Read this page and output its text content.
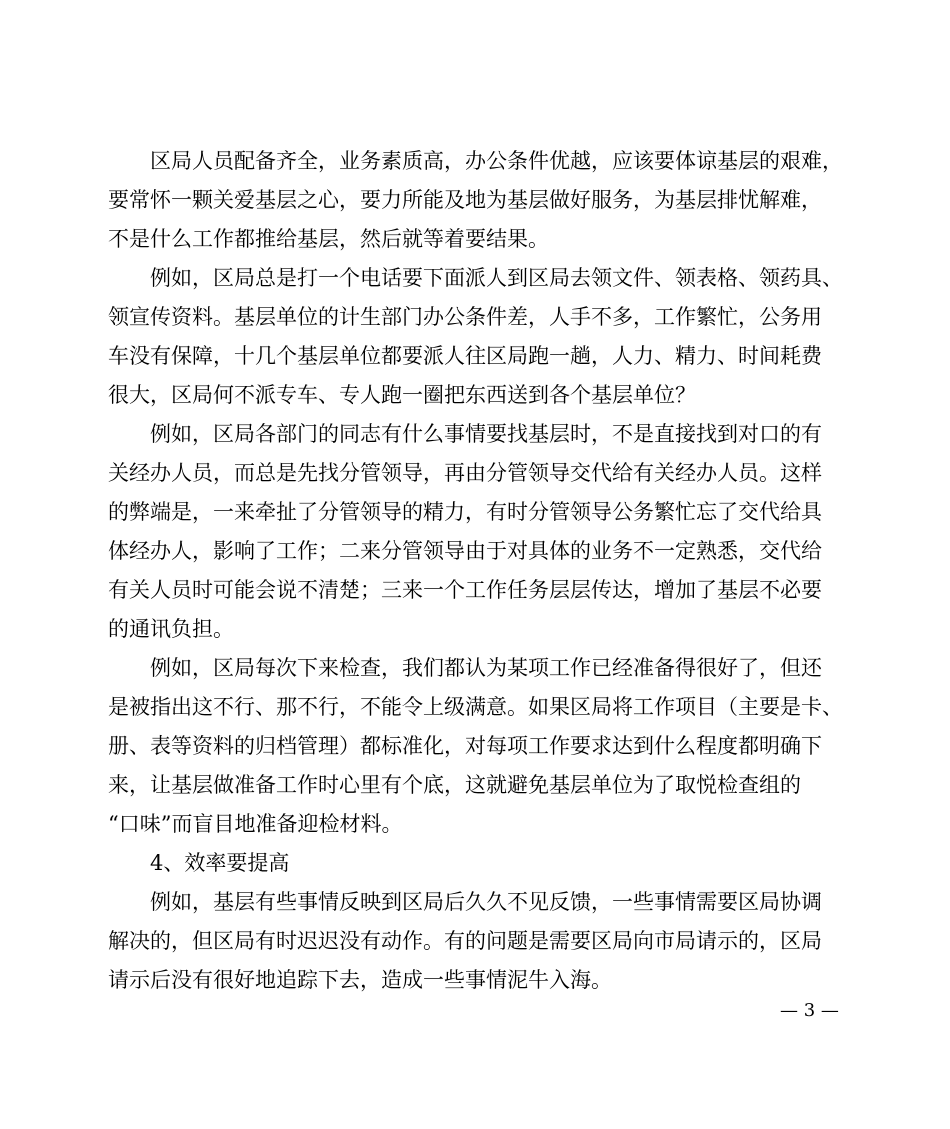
区局人员配备齐全，业务素质高，办公条件优越，应该要体谅基层的艰难，
要常怀一颗关爱基层之心，要力所能及地为基层做好服务，为基层排忧解难，
不是什么工作都推给基层，然后就等着要结果。
例如，区局总是打一个电话要下面派人到区局去领文件、领表格、领药具、
领宣传资料。基层单位的计生部门办公条件差，人手不多，工作繁忙，公务用
车没有保障，十几个基层单位都要派人往区局跑一趟，人力、精力、时间耗费
很大，区局何不派专车、专人跑一圈把东西送到各个基层单位？
例如，区局各部门的同志有什么事情要找基层时，不是直接找到对口的有
关经办人员，而总是先找分管领导，再由分管领导交代给有关经办人员。这样
的弊端是，一来牵扯了分管领导的精力，有时分管领导公务繁忙忘了交代给具
体经办人，影响了工作；二来分管领导由于对具体的业务不一定熟悉，交代给
有关人员时可能会说不清楚；三来一个工作任务层层传达，增加了基层不必要
的通讯负担。
例如，区局每次下来检查，我们都认为某项工作已经准备得很好了，但还
是被指出这不行、那不行，不能令上级满意。如果区局将工作项目（主要是卡、
册、表等资料的归档管理）都标准化，对每项工作要求达到什么程度都明确下
来，让基层做准备工作时心里有个底，这就避免基层单位为了取悦检查组的
“口味”而盲目地准备迎检材料。
4、效率要提高
例如，基层有些事情反映到区局后久久不见反馈，一些事情需要区局协调
解决的，但区局有时迟迟没有动作。有的问题是需要区局向市局请示的，区局
请示后没有很好地追踪下去，造成一些事情泥牛入海。
— 3 —
